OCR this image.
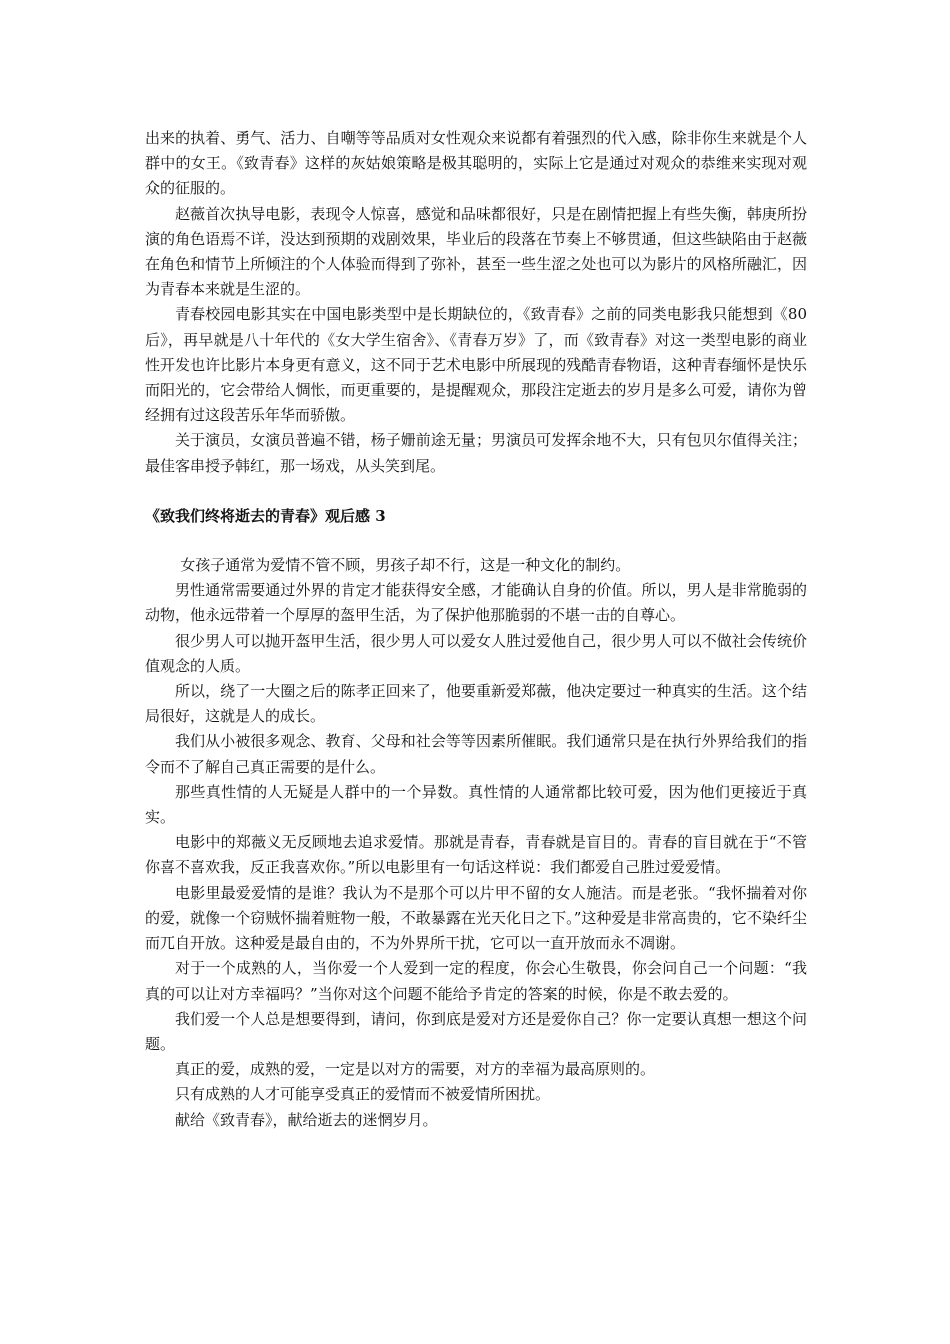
出来的执着、勇气、活力、自嘲等等品质对女性观众来说都有着强烈的代入感，除非你生来就是个人群中的女王。《致青春》这样的灰姑娘策略是极其聪明的，实际上它是通过对观众的恭维来实现对观众的征服的。

赵薇首次执导电影，表现令人惊喜，感觉和品味都很好，只是在剧情把握上有些失衡，韩庚所扮演的角色语焉不详，没达到预期的戏剧效果，毕业后的段落在节奏上不够贯通，但这些缺陷由于赵薇在角色和情节上所倾注的个人体验而得到了弥补，甚至一些生涩之处也可以为影片的风格所融汇，因为青春本来就是生涩的。

青春校园电影其实在中国电影类型中是长期缺位的，《致青春》之前的同类电影我只能想到《80后》，再早就是八十年代的《女大学生宿舍》、《青春万岁》了，而《致青春》对这一类型电影的商业性开发也许比影片本身更有意义，这不同于艺术电影中所展现的残酷青春物语，这种青春缅怀是快乐而阳光的，它会带给人惆怅，而更重要的，是提醒观众，那段注定逝去的岁月是多么可爱，请你为曾经拥有过这段苦乐年华而骄傲。

关于演员，女演员普遍不错，杨子姗前途无量；男演员可发挥余地不大，只有包贝尔值得关注；最佳客串授予韩红，那一场戏，从头笑到尾。

《致我们终将逝去的青春》观后感 3

女孩子通常为爱情不管不顾，男孩子却不行，这是一种文化的制约。

男性通常需要通过外界的肯定才能获得安全感，才能确认自身的价值。所以，男人是非常脆弱的动物，他永远带着一个厚厚的盔甲生活，为了保护他那脆弱的不堪一击的自尊心。

很少男人可以抛开盔甲生活，很少男人可以爱女人胜过爱他自己，很少男人可以不做社会传统价值观念的人质。

所以，绕了一大圈之后的陈孝正回来了，他要重新爱郑薇，他决定要过一种真实的生活。这个结局很好，这就是人的成长。

我们从小被很多观念、教育、父母和社会等等因素所催眠。我们通常只是在执行外界给我们的指令而不了解自己真正需要的是什么。

那些真性情的人无疑是人群中的一个异数。真性情的人通常都比较可爱，因为他们更接近于真实。

电影中的郑薇义无反顾地去追求爱情。那就是青春，青春就是盲目的。青春的盲目就在于“不管你喜不喜欢我，反正我喜欢你。”所以电影里有一句话这样说：我们都爱自己胜过爱爱情。

电影里最爱爱情的是谁？我认为不是那个可以片甲不留的女人施洁。而是老张。“我怀揣着对你的爱，就像一个窃贼怀揣着赃物一般，不敢暴露在光天化日之下。”这种爱是非常高贵的，它不染纤尘而兀自开放。这种爱是最自由的，不为外界所干扰，它可以一直开放而永不凋谢。

对于一个成熟的人，当你爱一个人爱到一定的程度，你会心生敬畏，你会问自己一个问题：“我真的可以让对方幸福吗？”当你对这个问题不能给予肯定的答案的时候，你是不敢去爱的。

我们爱一个人总是想要得到，请问，你到底是爱对方还是爱你自己？你一定要认真想一想这个问题。

真正的爱，成熟的爱，一定是以对方的需要，对方的幸福为最高原则的。

只有成熟的人才可能享受真正的爱情而不被爱情所困扰。

献给《致青春》，献给逝去的迷惘岁月。
